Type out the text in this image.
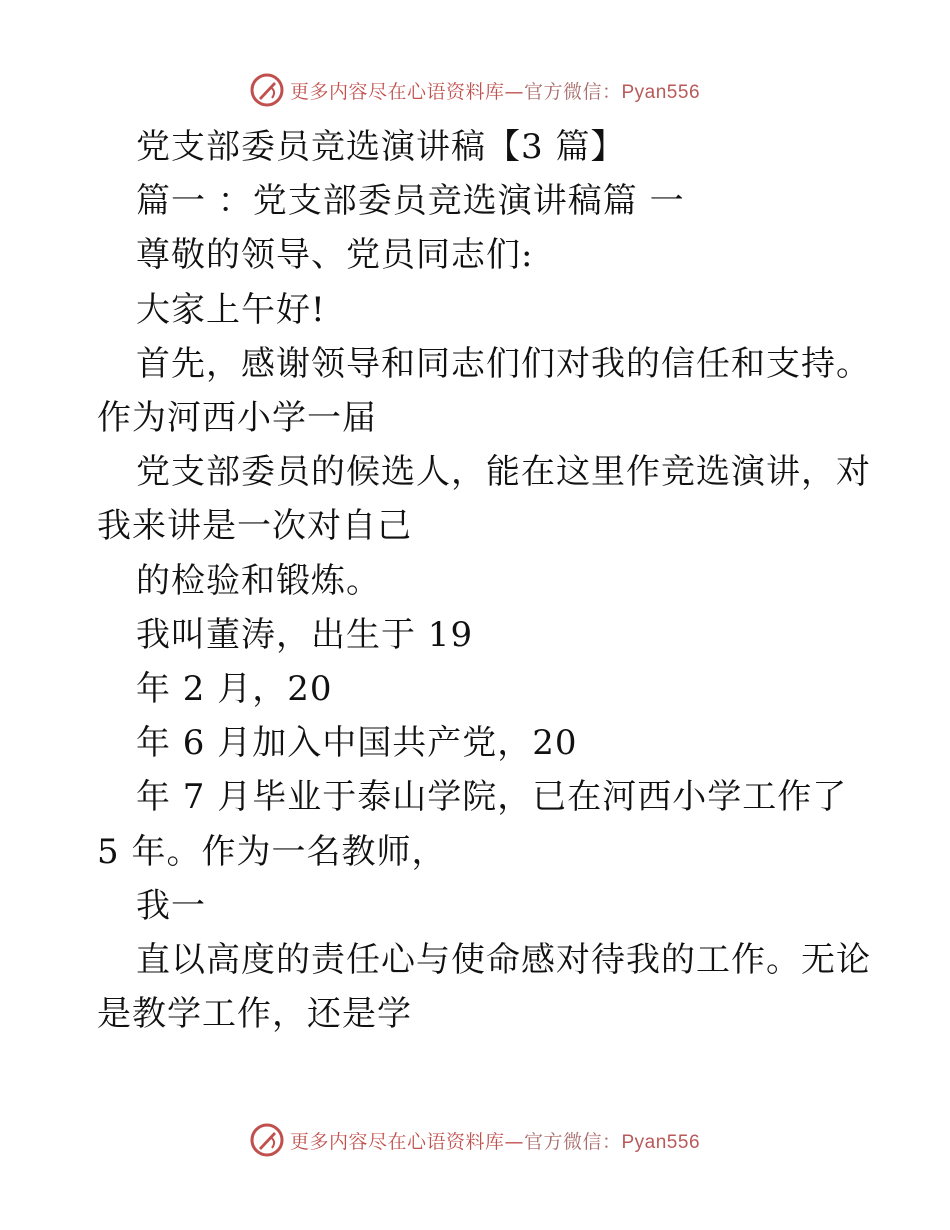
更多内容尽在心语资料库—官方微信：Pyan556
党支部委员竞选演讲稿【3 篇】
篇一 ：党支部委员竞选演讲稿篇 一
尊敬的领导、党员同志们:
大家上午好!
首先，感谢领导和同志们们对我的信任和支持。
作为河西小学一届
党支部委员的候选人，能在这里作竞选演讲，对
我来讲是一次对自己
的检验和锻炼。
我叫董涛，出生于 19
年 2 月，20
年 6 月加入中国共产党，20
年 7 月毕业于泰山学院，已在河西小学工作了
5 年。作为一名教师，
我一
直以高度的责任心与使命感对待我的工作。无论
是教学工作，还是学
更多内容尽在心语资料库—官方微信：Pyan556
